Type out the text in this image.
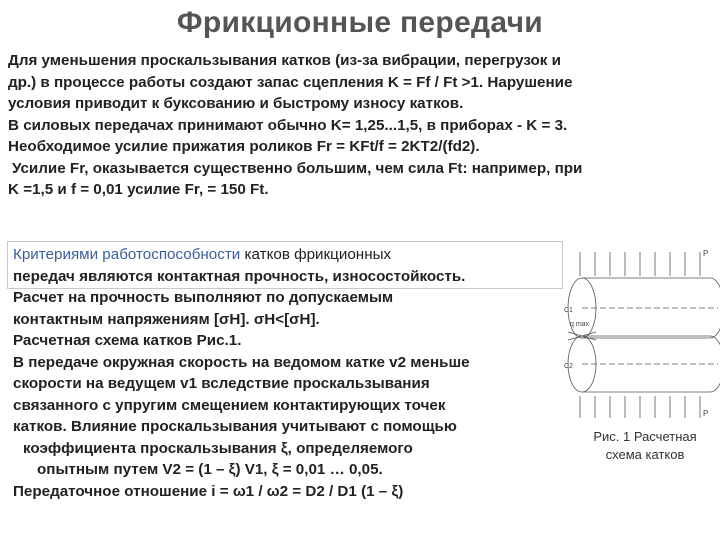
Фрикционные передачи
Для уменьшения проскальзывания катков (из-за вибрации, перегрузок и
др.) в процессе работы создают запас сцепления K = Ff / Ft >1. Нарушение
условия приводит к буксованию и быстрому износу катков.
В силовых передачах принимают обычно K= 1,25...1,5, в приборах - K = 3.
Необходимое усилие прижатия роликов Fr = KFt/f = 2KT2/(fd2).
Усилие Fr, оказывается существенно большим, чем сила Ft: например, при
K =1,5 и f = 0,01 усилие Fr, = 150 Ft.
Критериями работоспособности катков фрикционных
передач являются контактная прочность, износостойкость.
Расчет на прочность выполняют по допускаемым
контактным напряжениям [σH]. σH<[σH].
Расчетная схема катков Рис.1.
В передаче окружная скорость на ведомом катке v2 меньше
скорости на ведущем v1 вследствие проскальзывания
связанного с упругим смещением контактирующих точек
катков. Влияние проскальзывания учитывают с помощью
коэффициента проскальзывания ξ, определяемого
опытным путем V2 = (1 – ξ) V1, ξ = 0,01 … 0,05.
Передаточное отношение i = ω1 / ω2 = D2 / D1 (1 – ξ)
P
P
q max
C1
C2
Рис. 1 Расчетная
схема катков
